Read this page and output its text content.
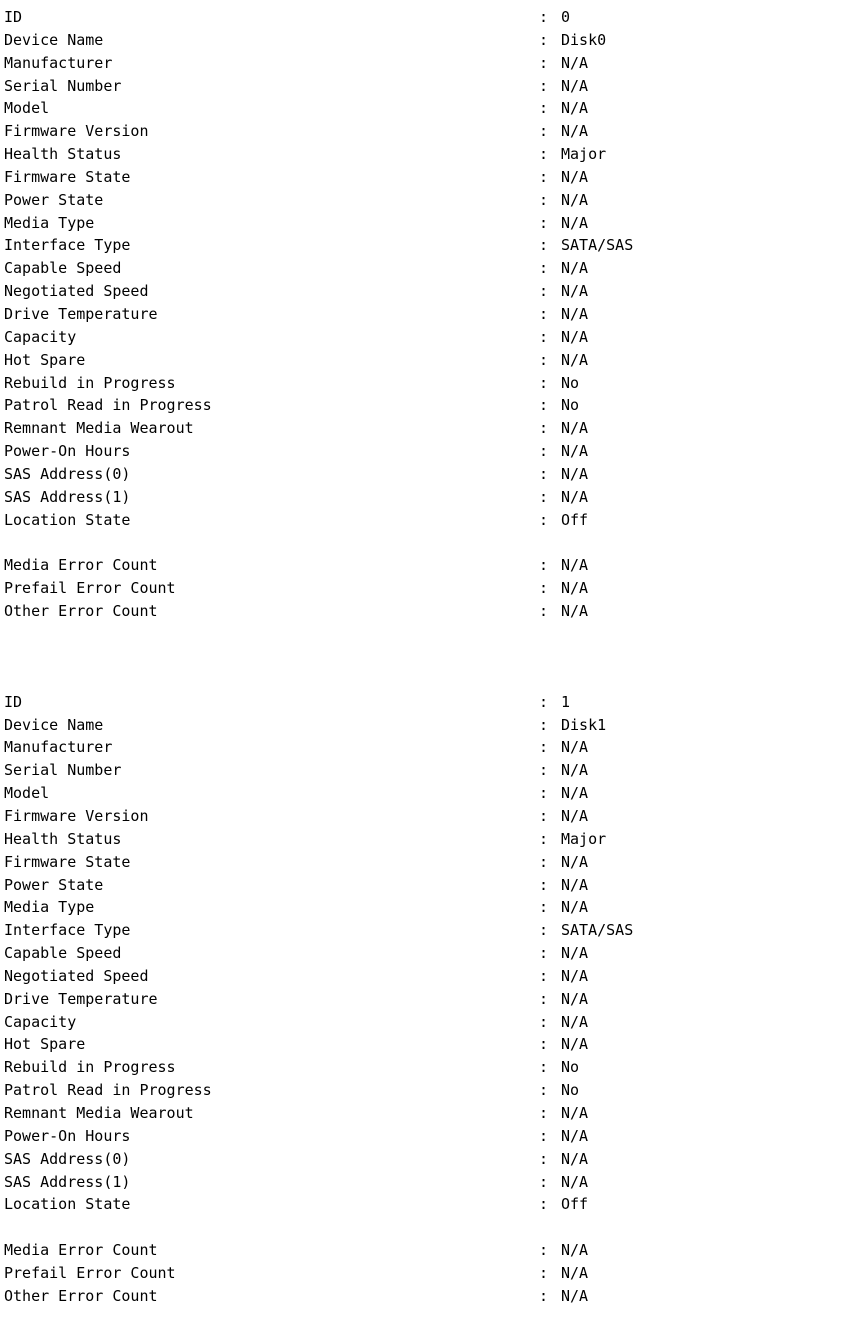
ID	: 0
Device Name	: Disk0
Manufacturer	: N/A
Serial Number	: N/A
Model	: N/A
Firmware Version	: N/A
Health Status	: Major
Firmware State	: N/A
Power State	: N/A
Media Type	: N/A
Interface Type	: SATA/SAS
Capable Speed	: N/A
Negotiated Speed	: N/A
Drive Temperature	: N/A
Capacity	: N/A
Hot Spare	: N/A
Rebuild in Progress	: No
Patrol Read in Progress	: No
Remnant Media Wearout	: N/A
Power-On Hours	: N/A
SAS Address(0)	: N/A
SAS Address(1)	: N/A
Location State	: Off
Media Error Count	: N/A
Prefail Error Count	: N/A
Other Error Count	: N/A
ID	: 1
Device Name	: Disk1
Manufacturer	: N/A
Serial Number	: N/A
Model	: N/A
Firmware Version	: N/A
Health Status	: Major
Firmware State	: N/A
Power State	: N/A
Media Type	: N/A
Interface Type	: SATA/SAS
Capable Speed	: N/A
Negotiated Speed	: N/A
Drive Temperature	: N/A
Capacity	: N/A
Hot Spare	: N/A
Rebuild in Progress	: No
Patrol Read in Progress	: No
Remnant Media Wearout	: N/A
Power-On Hours	: N/A
SAS Address(0)	: N/A
SAS Address(1)	: N/A
Location State	: Off
Media Error Count	: N/A
Prefail Error Count	: N/A
Other Error Count	: N/A
